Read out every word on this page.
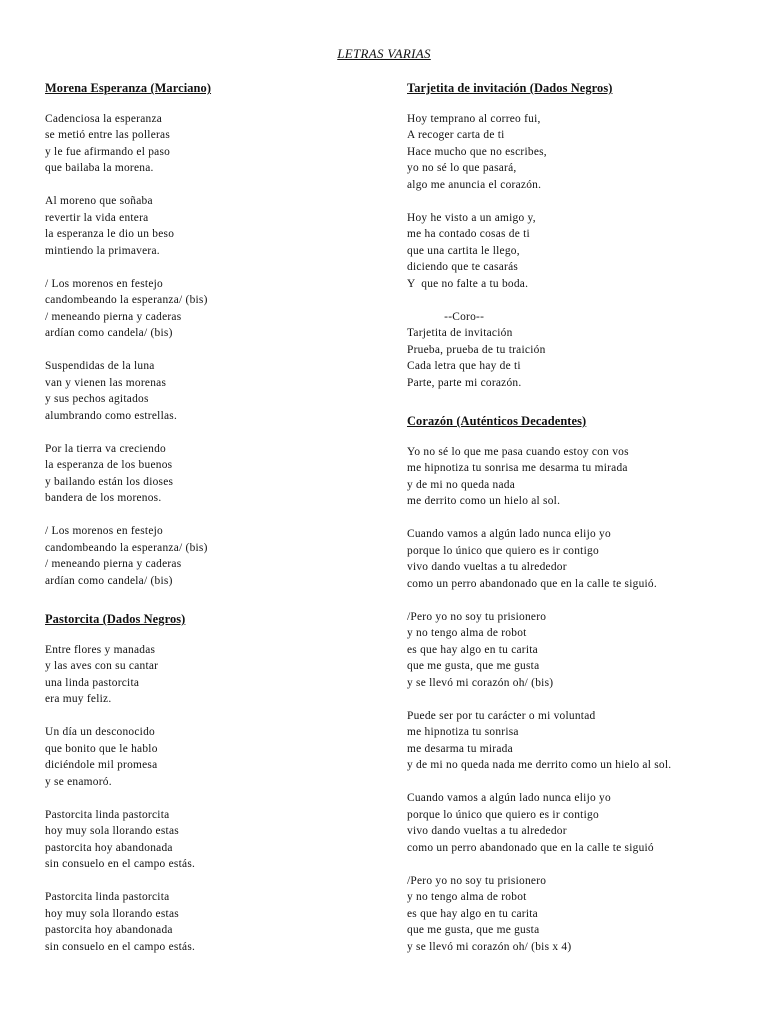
LETRAS VARIAS
Morena Esperanza (Marciano)
Cadenciosa la esperanza
se metió entre las polleras
y le fue afirmando el paso
que bailaba la morena.
Al moreno que soñaba
revertir la vida entera
la esperanza le dio un beso
mintiendo la primavera.
/ Los morenos en festejo
candombeando la esperanza/ (bis)
/ meneando pierna y caderas
ardían como candela/ (bis)
Suspendidas de la luna
van y vienen las morenas
y sus pechos agitados
alumbrando como estrellas.
Por la tierra va creciendo
la esperanza de los buenos
y bailando están los dioses
bandera de los morenos.
/ Los morenos en festejo
candombeando la esperanza/ (bis)
/ meneando pierna y caderas
ardían como candela/ (bis)
Pastorcita (Dados Negros)
Entre flores y manadas
y las aves con su cantar
una linda pastorcita
era muy feliz.
Un día un desconocido
que bonito que le hablo
diciéndole mil promesa
y se enamoró.
Pastorcita linda pastorcita
hoy muy sola llorando estas
pastorcita hoy abandonada
sin consuelo en el campo estás.
Pastorcita linda pastorcita
hoy muy sola llorando estas
pastorcita hoy abandonada
sin consuelo en el campo estás.
Tarjetita de invitación (Dados Negros)
Hoy temprano al correo fui,
A recoger carta de ti
Hace mucho que no escribes,
yo no sé lo que pasará,
algo me anuncia el corazón.
Hoy he visto a un amigo y,
me ha contado cosas de ti
que una cartita le llego,
diciendo que te casarás
Y  que no falte a tu boda.
--Coro--
Tarjetita de invitación
Prueba, prueba de tu traición
Cada letra que hay de ti
Parte, parte mi corazón.
Corazón (Auténticos Decadentes)
Yo no sé lo que me pasa cuando estoy con vos
me hipnotiza tu sonrisa me desarma tu mirada
y de mi no queda nada
me derrito como un hielo al sol.
Cuando vamos a algún lado nunca elijo yo
porque lo único que quiero es ir contigo
vivo dando vueltas a tu alrededor
como un perro abandonado que en la calle te siguió.
/Pero yo no soy tu prisionero
y no tengo alma de robot
es que hay algo en tu carita
que me gusta, que me gusta
y se llevó mi corazón oh/ (bis)
Puede ser por tu carácter o mi voluntad
me hipnotiza tu sonrisa
me desarma tu mirada
y de mi no queda nada me derrito como un hielo al sol.
Cuando vamos a algún lado nunca elijo yo
porque lo único que quiero es ir contigo
vivo dando vueltas a tu alrededor
como un perro abandonado que en la calle te siguió
/Pero yo no soy tu prisionero
y no tengo alma de robot
es que hay algo en tu carita
que me gusta, que me gusta
y se llevó mi corazón oh/ (bis x 4)
